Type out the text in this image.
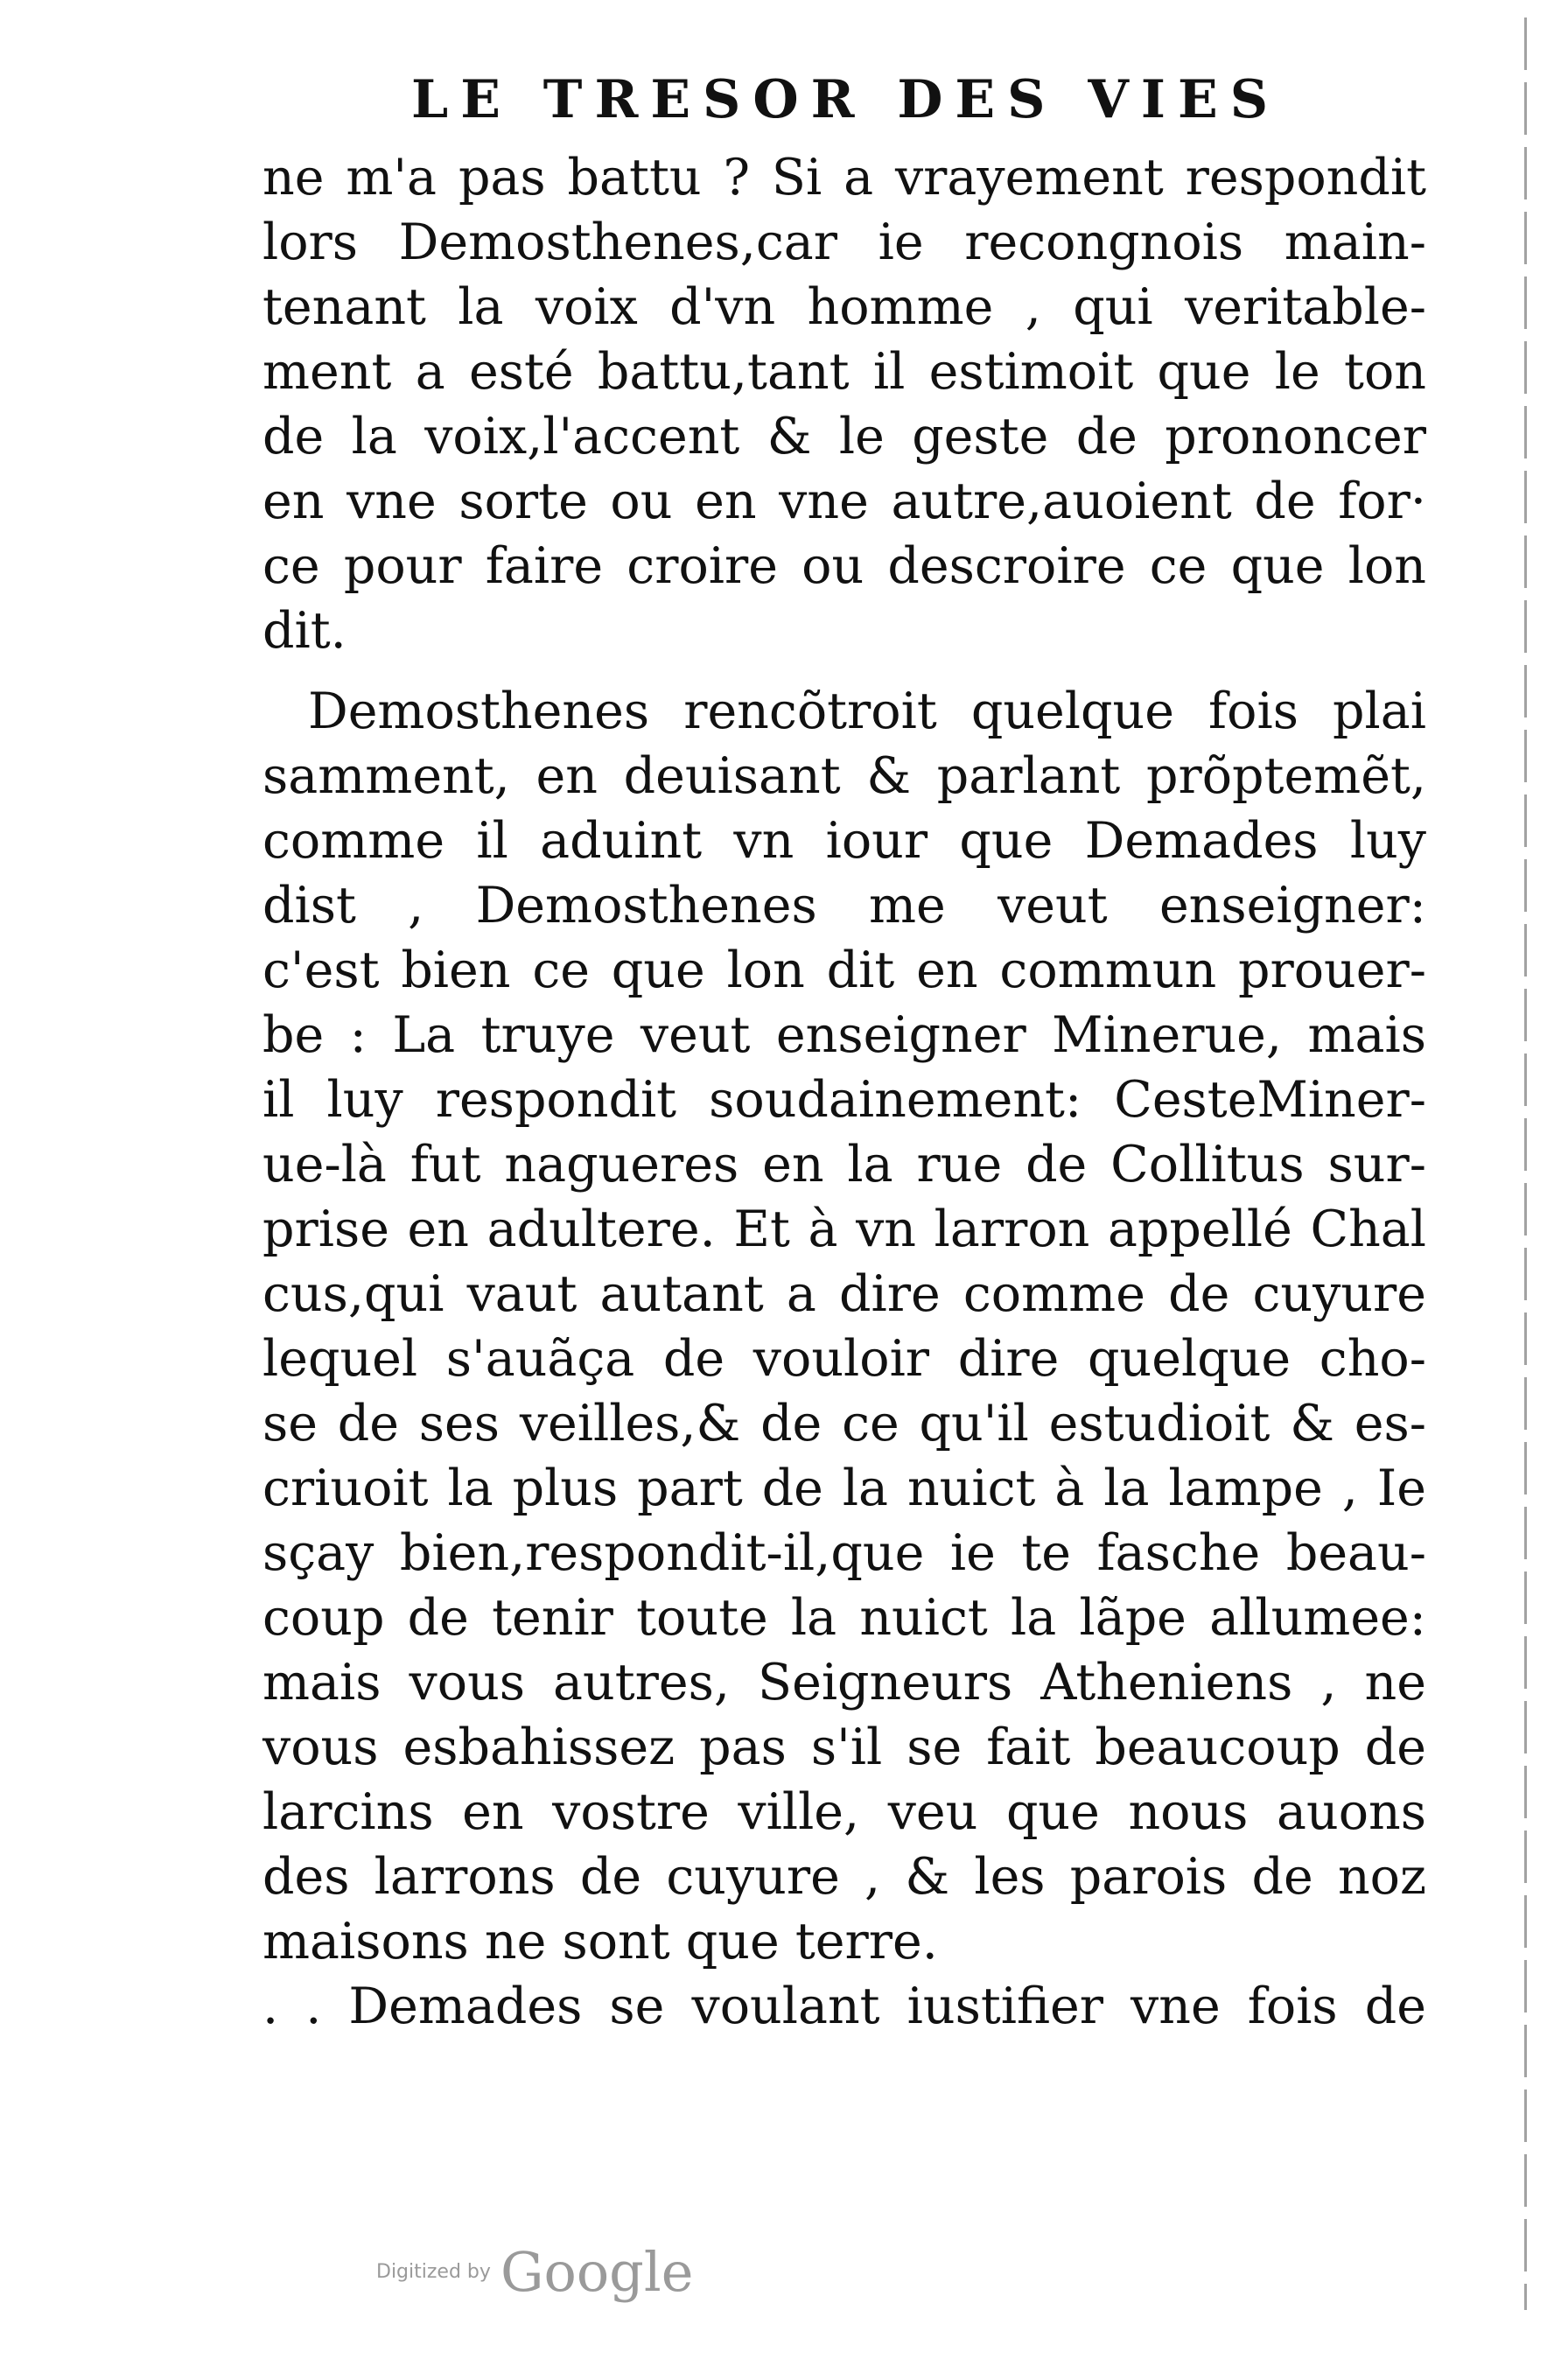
LE TRESOR DES VIES
ne m'a pas battu ? Si a vrayement respondit
lors Demosthenes,car ie recongnois main-
tenant la voix d'vn homme , qui veritable-
ment a esté battu,tant il estimoit que le ton
de la voix,l'accent & le geste de prononcer
en vne sorte ou en vne autre,auoient de for·
ce pour faire croire ou descroire ce que lon
dit.
Demosthenes rencõtroit quelque fois plai
samment, en deuisant & parlant prõptemẽt,
comme il aduint vn iour que Demades luy
dist , Demosthenes me veut enseigner:
c'est bien ce que lon dit en commun prouer-
be : La truye veut enseigner Minerue, mais
il luy respondit soudainement: CesteMiner-
ue-là fut nagueres en la rue de Collitus sur-
prise en adultere. Et à vn larron appellé Chal
cus,qui vaut autant a dire comme de cuyure
lequel s'auãça de vouloir dire quelque cho-
se de ses veilles,& de ce qu'il estudioit & es-
criuoit la plus part de la nuict à la lampe , Ie
sçay bien,respondit-il,que ie te fasche beau-
coup de tenir toute la nuict la lãpe allumee:
mais vous autres, Seigneurs Atheniens , ne
vous esbahissez pas s'il se fait beaucoup de
larcins en vostre ville, veu que nous auons
des larrons de cuyure , & les parois de noz
maisons ne sont que terre.
. . Demades se voulant iustifier vne fois de
Digitized by Google
